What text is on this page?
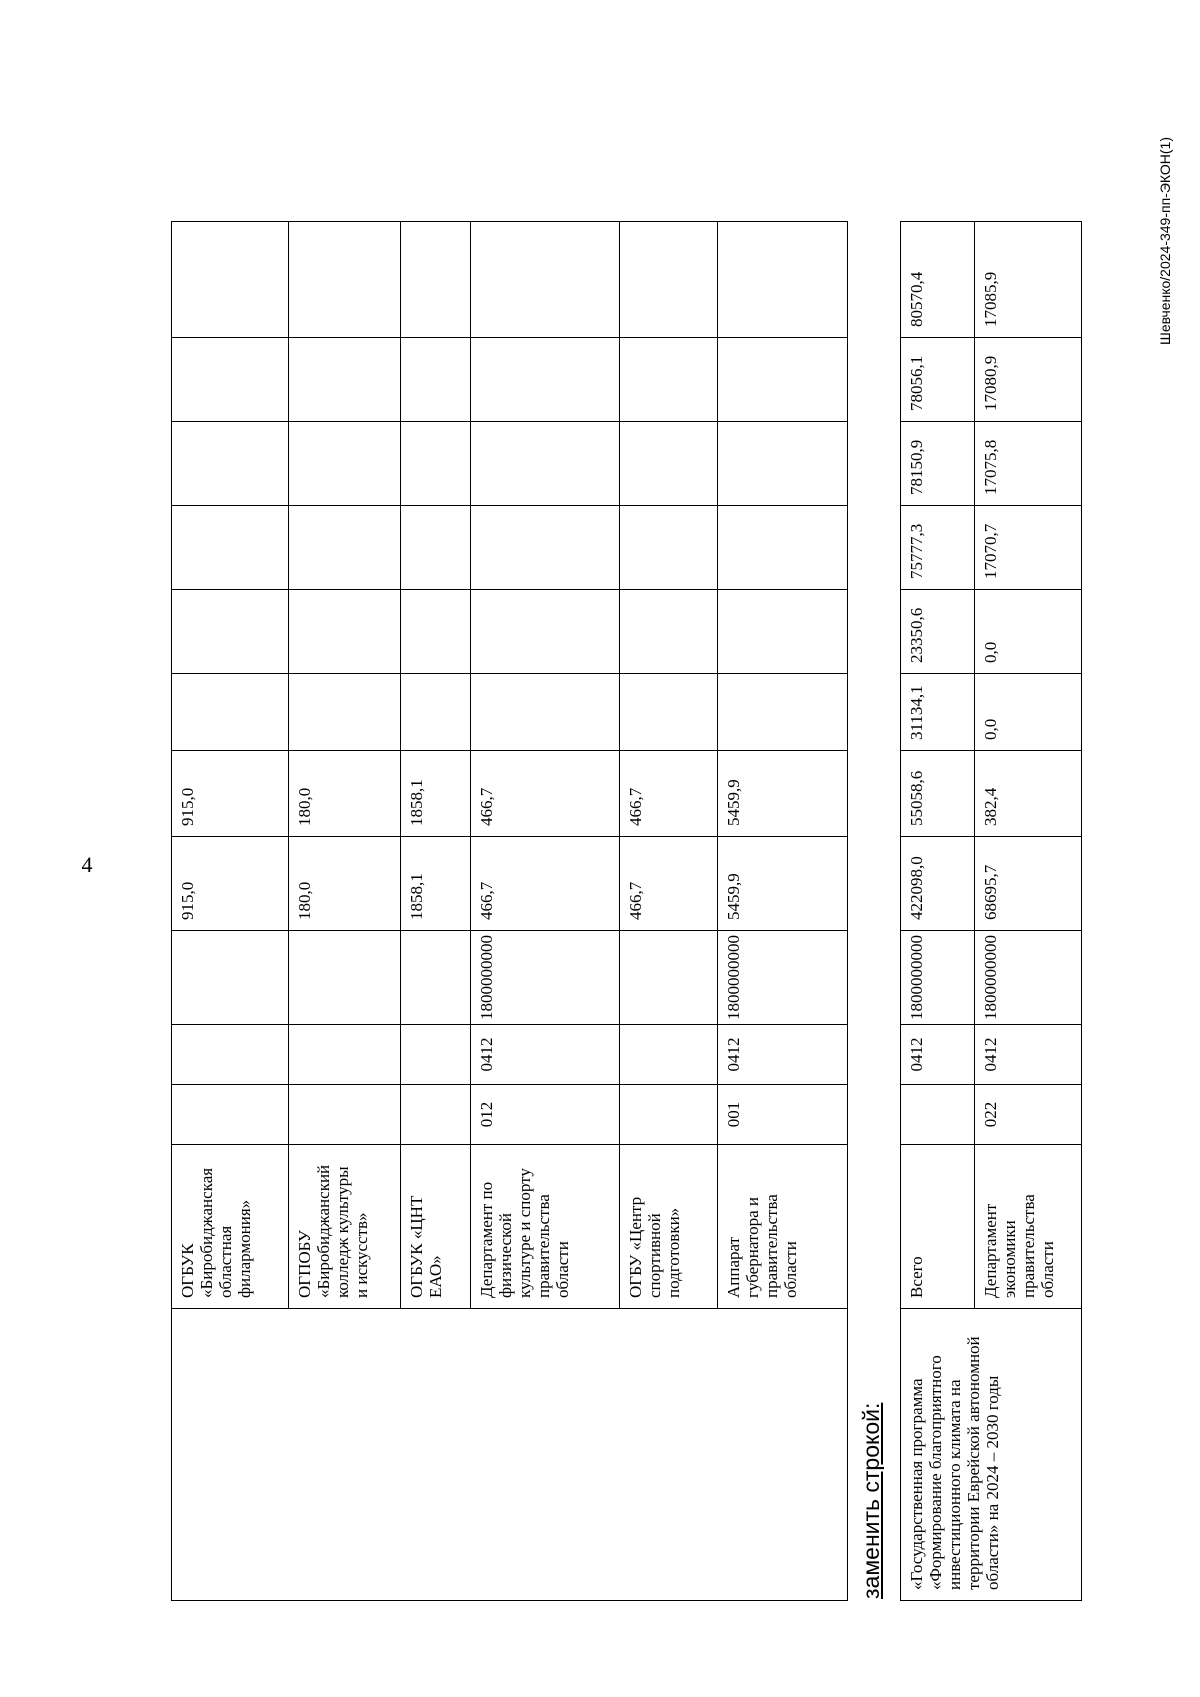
4
Шевченко/2024-349-пп-ЭКОН(1)
	ОГБУК «Биробиджанская областная филармония»				915,0	915,0						
	ОГПОБУ «Биробиджанский колледж культуры и искусств»				180,0	180,0						
	ОГБУК «ЦНТ ЕАО»				1858,1	1858,1						
	Департамент по физической культуре и спорту правительства области	012	0412	1800000000	466,7	466,7						
	ОГБУ «Центр спортивной подготовки»				466,7	466,7						
	Аппарат губернатора и правительства области	001	0412	1800000000	5459,9	5459,9						
заменить строкой: «Государственная программа «Формирование благоприятного инвестиционного климата на территории Еврейской автономной области» на 2024 – 2030 годы	Всего		0412	1800000000	422098,0	55058,6	31134,1	23350,6	75777,3	78150,9	78056,1	80570,4
	Департамент экономики правительства области	022	0412	1800000000	68695,7	382,4	0,0	0,0	17070,7	17075,8	17080,9	17085,9
